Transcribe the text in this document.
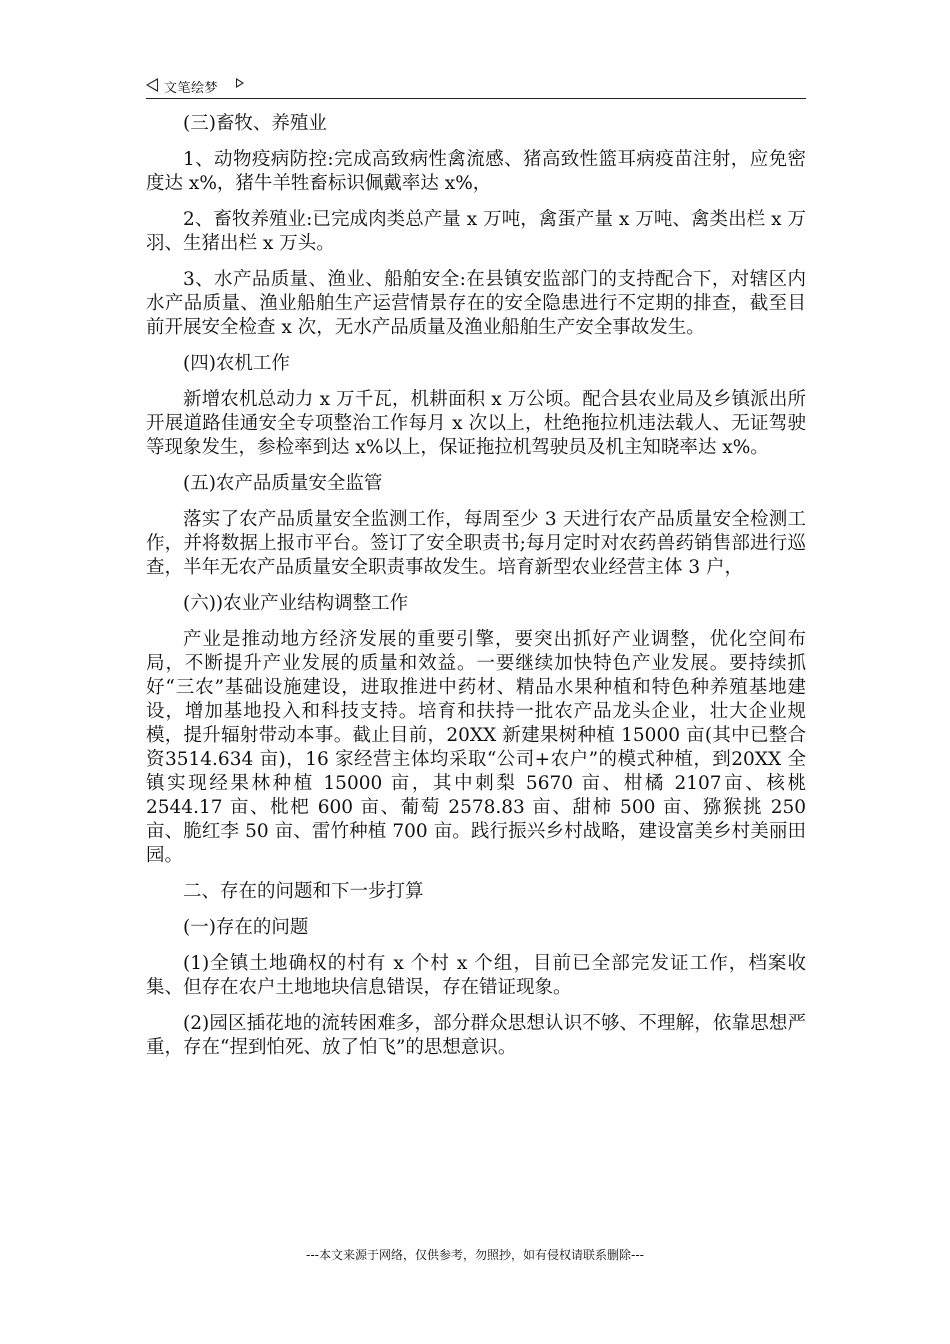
文笔绘梦

(三)畜牧、养殖业

1、动物疫病防控:完成高致病性禽流感、猪高致性篮耳病疫苗注射，应免密度达 x%，猪牛羊牲畜标识佩戴率达 x%，

2、畜牧养殖业:已完成肉类总产量 x 万吨，禽蛋产量 x 万吨、禽类出栏 x 万羽、生猪出栏 x 万头。

3、水产品质量、渔业、船舶安全:在县镇安监部门的支持配合下，对辖区内水产品质量、渔业船舶生产运营情景存在的安全隐患进行不定期的排查，截至目前开展安全检查 x 次，无水产品质量及渔业船舶生产安全事故发生。

(四)农机工作

新增农机总动力 x 万千瓦，机耕面积 x 万公顷。配合县农业局及乡镇派出所开展道路佳通安全专项整治工作每月 x 次以上，杜绝拖拉机违法载人、无证驾驶等现象发生，参检率到达 x%以上，保证拖拉机驾驶员及机主知晓率达 x%。

(五)农产品质量安全监管

落实了农产品质量安全监测工作，每周至少 3 天进行农产品质量安全检测工作，并将数据上报市平台。签订了安全职责书;每月定时对农药兽药销售部进行巡查，半年无农产品质量安全职责事故发生。培育新型农业经营主体 3 户，

(六))农业产业结构调整工作

产业是推动地方经济发展的重要引擎，要突出抓好产业调整，优化空间布局，不断提升产业发展的质量和效益。一要继续加快特色产业发展。要持续抓好“三农”基础设施建设，进取推进中药材、精品水果种植和特色种养殖基地建设，增加基地投入和科技支持。培育和扶持一批农产品龙头企业，壮大企业规模，提升辐射带动本事。截止目前，20XX 新建果树种植 15000 亩(其中已整合资3514.634 亩)，16 家经营主体均采取“公司+农户”的模式种植，到20XX 全镇实现经果林种植 15000 亩，其中刺梨 5670 亩、柑橘 2107亩、核桃 2544.17 亩、枇杷 600 亩、葡萄 2578.83 亩、甜柿 500 亩、猕猴挑 250 亩、脆红李 50 亩、雷竹种植 700 亩。践行振兴乡村战略，建设富美乡村美丽田园。

二、存在的问题和下一步打算

(一)存在的问题

(1)全镇土地确权的村有 x 个村 x 个组，目前已全部完发证工作，档案收集、但存在农户土地地块信息错误，存在错证现象。

(2)园区插花地的流转困难多，部分群众思想认识不够、不理解，依靠思想严重，存在“捏到怕死、放了怕飞”的思想意识。

---本文来源于网络，仅供参考，勿照抄，如有侵权请联系删除---
